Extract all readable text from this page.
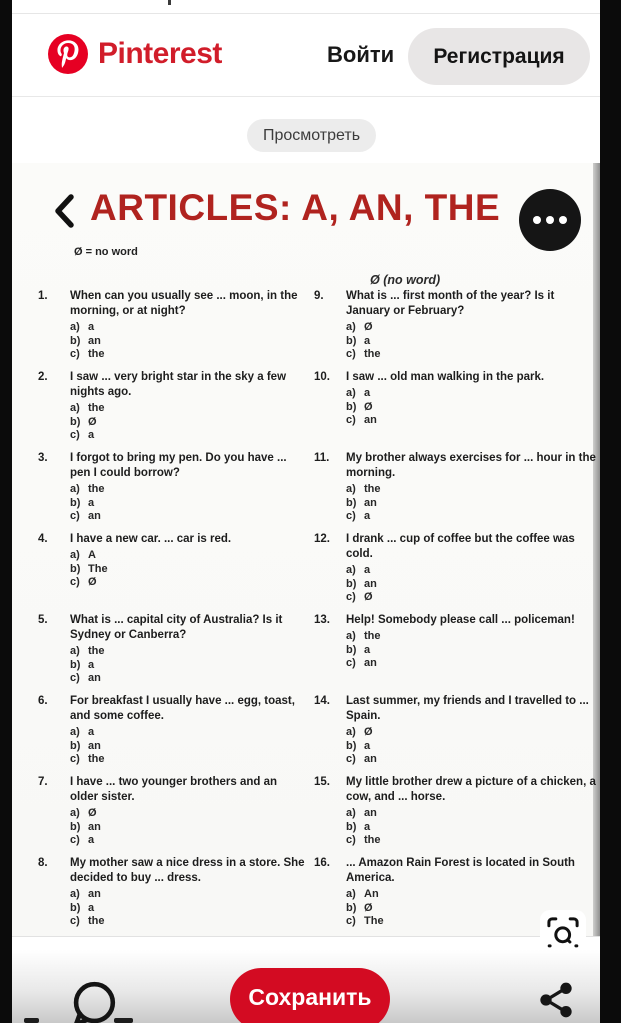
Pinterest	Войти	Регистрация
Просмотреть
ARTICLES: A, AN, THE
Ø = no word
Ø (no word)
1.	When can you usually see ... moon, in the morning, or at night?
a) a
b) an
c) the
2.	I saw ... very bright star in the sky a few nights ago.
a) the
b) Ø
c) a
3.	I forgot to bring my pen. Do you have ... pen I could borrow?
a) the
b) a
c) an
4.	I have a new car. ... car is red.
a) A
b) The
c) Ø
5.	What is ... capital city of Australia? Is it Sydney or Canberra?
a) the
b) a
c) an
6.	For breakfast I usually have ... egg, toast, and some coffee.
a) a
b) an
c) the
7.	I have ... two younger brothers and an older sister.
a) Ø
b) an
c) a
8.	My mother saw a nice dress in a store. She decided to buy ... dress.
a) an
b) a
c) the
9.	What is ... first month of the year? Is it January or February?
a) Ø
b) a
c) the
10.	I saw ... old man walking in the park.
a) a
b) Ø
c) an
11.	My brother always exercises for ... hour in the morning.
a) the
b) an
c) a
12.	I drank ... cup of coffee but the coffee was cold.
a) a
b) an
c) Ø
13.	Help! Somebody please call ... policeman!
a) the
b) a
c) an
14.	Last summer, my friends and I travelled to ... Spain.
a) Ø
b) a
c) an
15.	My little brother drew a picture of a chicken, a cow, and ... horse.
a) an
b) a
c) the
16.	... Amazon Rain Forest is located in South America.
a) An
b) Ø
c) The
Сохранить
